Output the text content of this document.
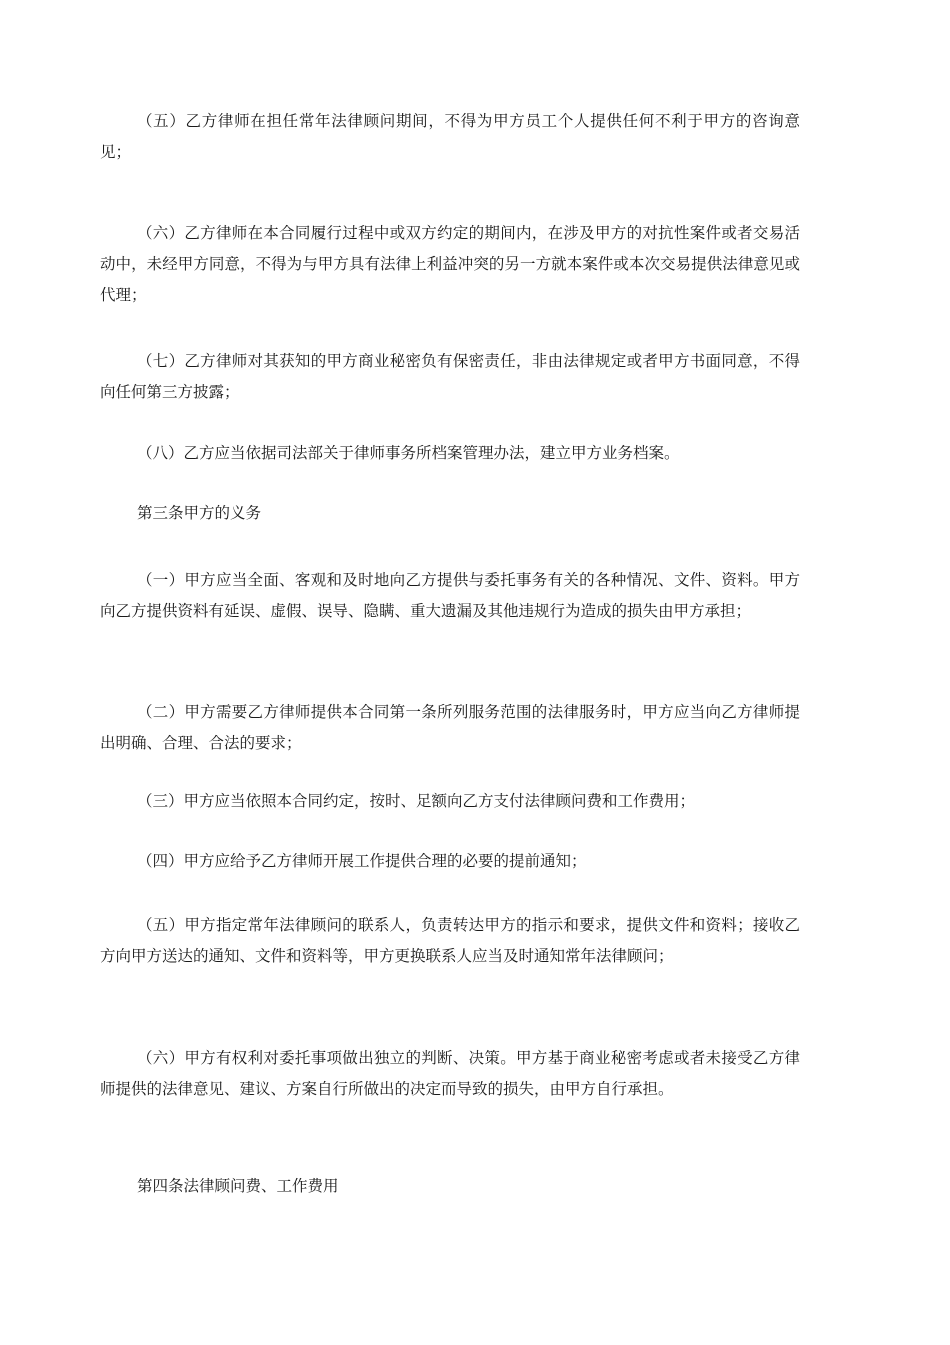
（五）乙方律师在担任常年法律顾问期间，不得为甲方员工个人提供任何不利于甲方的咨询意见；

（六）乙方律师在本合同履行过程中或双方约定的期间内，在涉及甲方的对抗性案件或者交易活动中，未经甲方同意，不得为与甲方具有法律上利益冲突的另一方就本案件或本次交易提供法律意见或代理；

（七）乙方律师对其获知的甲方商业秘密负有保密责任，非由法律规定或者甲方书面同意，不得向任何第三方披露；

（八）乙方应当依据司法部关于律师事务所档案管理办法，建立甲方业务档案。

第三条甲方的义务

（一）甲方应当全面、客观和及时地向乙方提供与委托事务有关的各种情况、文件、资料。甲方向乙方提供资料有延误、虚假、误导、隐瞒、重大遗漏及其他违规行为造成的损失由甲方承担；

（二）甲方需要乙方律师提供本合同第一条所列服务范围的法律服务时，甲方应当向乙方律师提出明确、合理、合法的要求；

（三）甲方应当依照本合同约定，按时、足额向乙方支付法律顾问费和工作费用；

（四）甲方应给予乙方律师开展工作提供合理的必要的提前通知；

（五）甲方指定常年法律顾问的联系人，负责转达甲方的指示和要求，提供文件和资料；接收乙方向甲方送达的通知、文件和资料等，甲方更换联系人应当及时通知常年法律顾问；

（六）甲方有权利对委托事项做出独立的判断、决策。甲方基于商业秘密考虑或者未接受乙方律师提供的法律意见、建议、方案自行所做出的决定而导致的损失，由甲方自行承担。

第四条法律顾问费、工作费用
